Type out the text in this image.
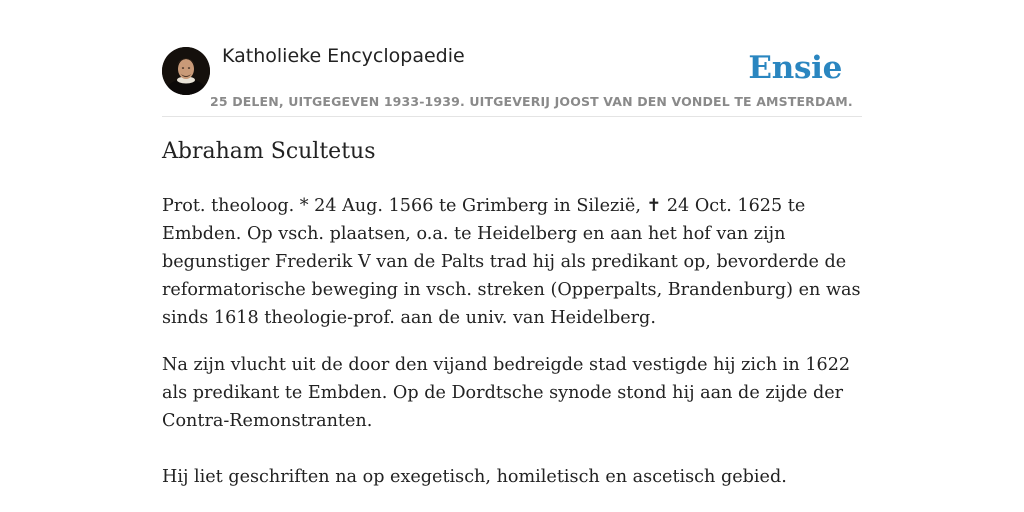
Katholieke Encyclopaedie
25 DELEN, UITGEGEVEN 1933-1939. UITGEVERIJ JOOST VAN DEN VONDEL TE AMSTERDAM.
Ensie
Abraham Scultetus

Prot. theoloog. * 24 Aug. 1566 te Grimberg in Silezië, ✝ 24 Oct. 1625 te Embden. Op vsch. plaatsen, o.a. te Heidelberg en aan het hof van zijn begunstiger Frederik V van de Palts trad hij als predikant op, bevorderde de reformatorische beweging in vsch. streken (Opperpalts, Brandenburg) en was sinds 1618 theologie-prof. aan de univ. van Heidelberg.

Na zijn vlucht uit de door den vijand bedreigde stad vestigde hij zich in 1622 als predikant te Embden. Op de Dordtsche synode stond hij aan de zijde der Contra-Remonstranten.

Hij liet geschriften na op exegetisch, homiletisch en ascetisch gebied.
